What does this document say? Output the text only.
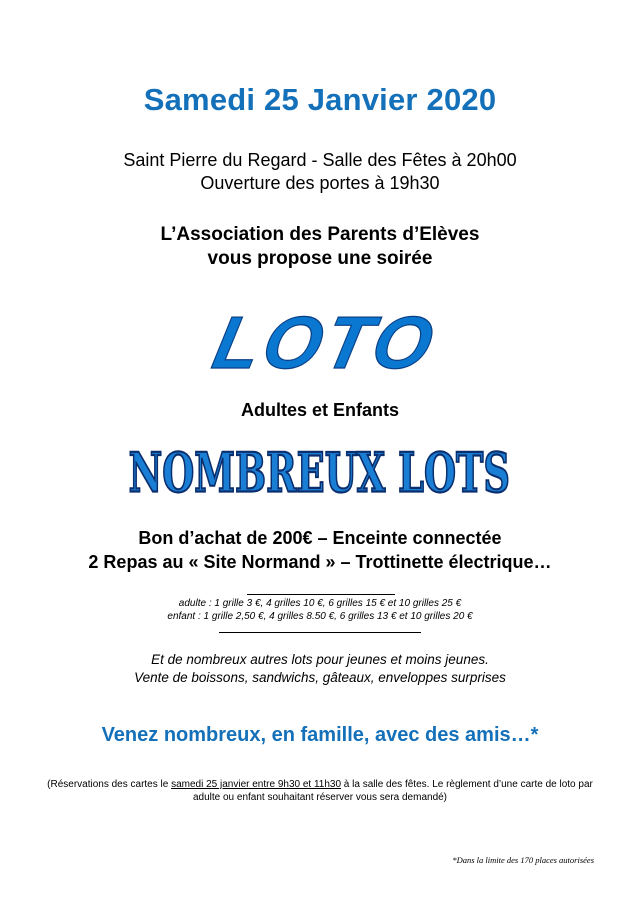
Samedi 25 Janvier 2020
Saint Pierre du Regard - Salle des Fêtes à 20h00
Ouverture des portes à 19h30
L’Association des Parents d’Elèves
vous propose une soirée
LOTO
Adultes et Enfants
NOMBREUX LOTS
Bon d’achat de 200€ – Enceinte connectée
2 Repas au « Site Normand » – Trottinette électrique…
adulte : 1 grille 3 €, 4 grilles 10 €, 6 grilles 15 € et 10 grilles 25 €
enfant : 1 grille 2,50 €, 4 grilles 8.50 €, 6 grilles 13 € et 10 grilles 20 €
Et de nombreux autres lots pour jeunes et moins jeunes.
Vente de boissons, sandwichs, gâteaux, enveloppes surprises
Venez nombreux, en famille, avec des amis…*
(Réservations des cartes le samedi 25 janvier entre 9h30 et 11h30 à la salle des fêtes. Le règlement d’une carte de loto par adulte ou enfant souhaitant réserver vous sera demandé)
*Dans la limite des 170 places autorisées
